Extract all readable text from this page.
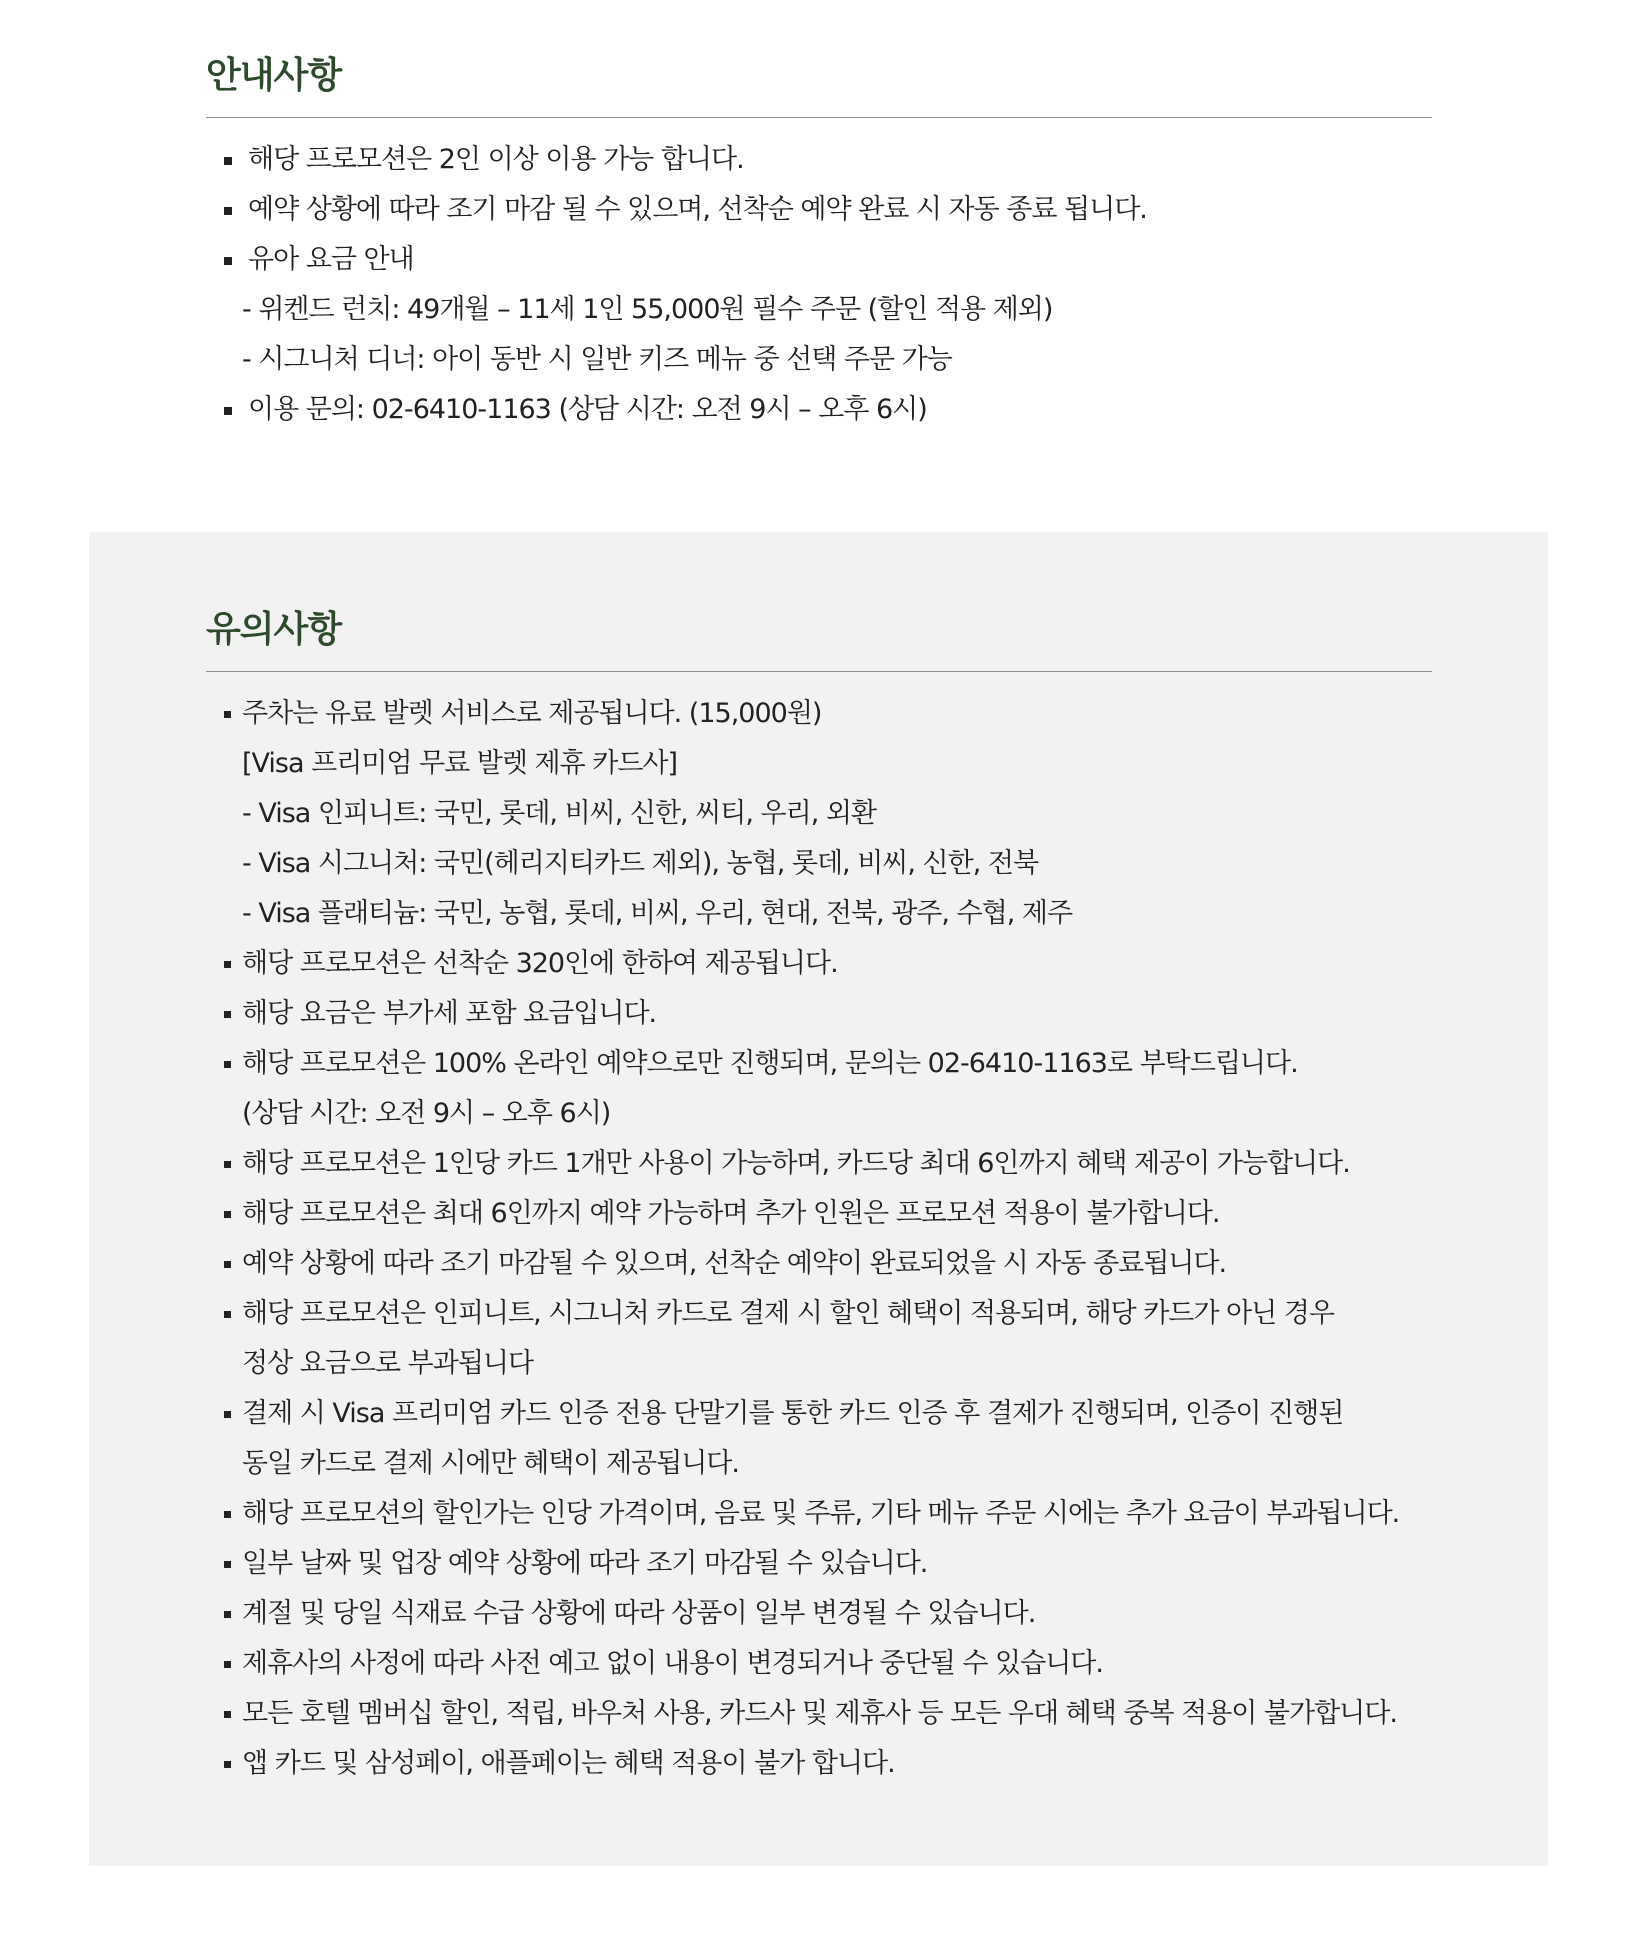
안내사항
해당 프로모션은 2인 이상 이용 가능 합니다.
예약 상황에 따라 조기 마감 될 수 있으며, 선착순 예약 완료 시 자동 종료 됩니다.
유아 요금 안내
- 위켄드 런치: 49개월 – 11세 1인 55,000원 필수 주문 (할인 적용 제외)
- 시그니처 디너: 아이 동반 시 일반 키즈 메뉴 중 선택 주문 가능
이용 문의: 02-6410-1163 (상담 시간: 오전 9시 – 오후 6시)
유의사항
주차는 유료 발렛 서비스로 제공됩니다. (15,000원)
[Visa 프리미엄 무료 발렛 제휴 카드사]
- Visa 인피니트: 국민, 롯데, 비씨, 신한, 씨티, 우리, 외환
- Visa 시그니처: 국민(헤리지티카드 제외), 농협, 롯데, 비씨, 신한, 전북
- Visa 플래티늄: 국민, 농협, 롯데, 비씨, 우리, 현대, 전북, 광주, 수협, 제주
해당 프로모션은 선착순 320인에 한하여 제공됩니다.
해당 요금은 부가세 포함 요금입니다.
해당 프로모션은 100% 온라인 예약으로만 진행되며, 문의는 02-6410-1163로 부탁드립니다.
(상담 시간: 오전 9시 – 오후 6시)
해당 프로모션은 1인당 카드 1개만 사용이 가능하며, 카드당 최대 6인까지 혜택 제공이 가능합니다.
해당 프로모션은 최대 6인까지 예약 가능하며 추가 인원은 프로모션 적용이 불가합니다.
예약 상황에 따라 조기 마감될 수 있으며, 선착순 예약이 완료되었을 시 자동 종료됩니다.
해당 프로모션은 인피니트, 시그니처 카드로 결제 시 할인 혜택이 적용되며, 해당 카드가 아닌 경우
정상 요금으로 부과됩니다
결제 시 Visa 프리미엄 카드 인증 전용 단말기를 통한 카드 인증 후 결제가 진행되며, 인증이 진행된
동일 카드로 결제 시에만 혜택이 제공됩니다.
해당 프로모션의 할인가는 인당 가격이며, 음료 및 주류, 기타 메뉴 주문 시에는 추가 요금이 부과됩니다.
일부 날짜 및 업장 예약 상황에 따라 조기 마감될 수 있습니다.
계절 및 당일 식재료 수급 상황에 따라 상품이 일부 변경될 수 있습니다.
제휴사의 사정에 따라 사전 예고 없이 내용이 변경되거나 중단될 수 있습니다.
모든 호텔 멤버십 할인, 적립, 바우처 사용, 카드사 및 제휴사 등 모든 우대 혜택 중복 적용이 불가합니다.
앱 카드 및 삼성페이, 애플페이는 혜택 적용이 불가 합니다.
